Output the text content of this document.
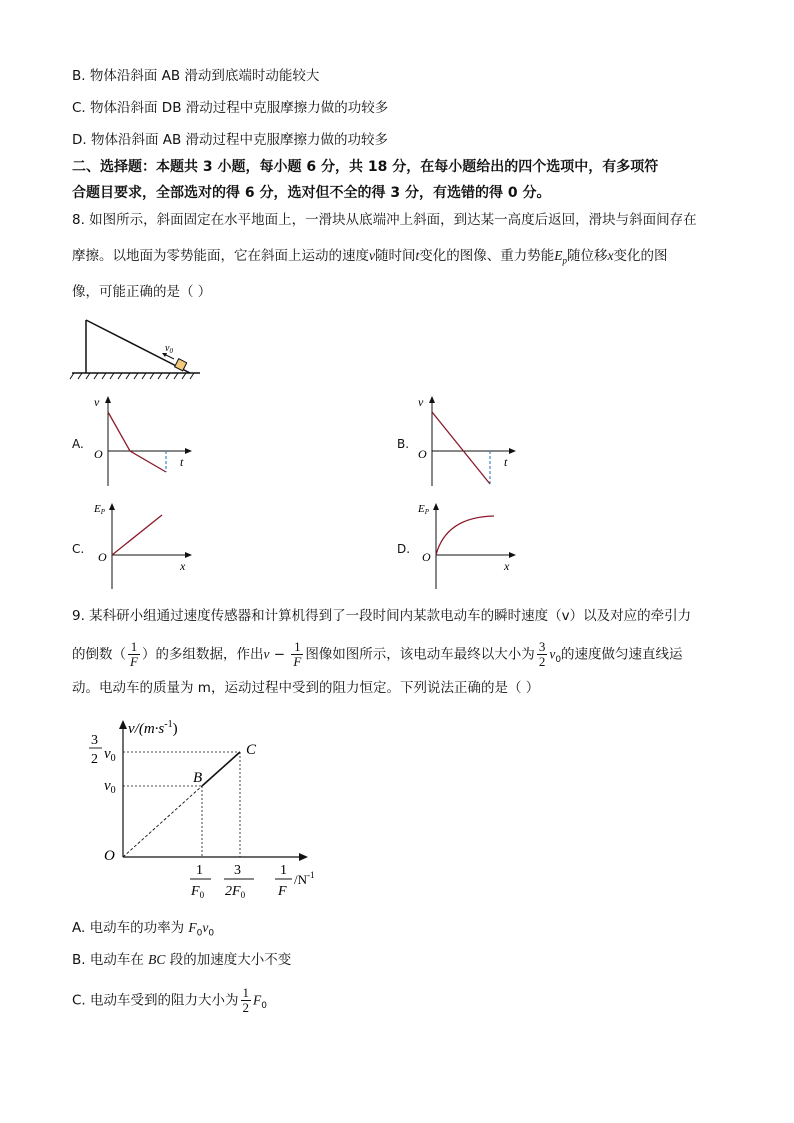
B. 物体沿斜面 AB 滑动到底端时动能较大
C. 物体沿斜面 DB 滑动过程中克服摩擦力做的功较多
D. 物体沿斜面 AB 滑动过程中克服摩擦力做的功较多
二、选择题：本题共 3 小题，每小题 6 分，共 18 分，在每小题给出的四个选项中，有多项符
合题目要求，全部选对的得 6 分，选对但不全的得 3 分，有选错的得 0 分。
8. 如图所示，斜面固定在水平地面上，一滑块从底端冲上斜面，到达某一高度后返回，滑块与斜面间存在
摩擦。以地面为零势能面，它在斜面上运动的速度v随时间t变化的图像、重力势能$E_p$随位移x变化的图
像，可能正确的是（ ）
$v_0$
A.
v
t
O
B.
v
t
O
C.
EP
x
O
D.
EP
x
O
9. 某科研小组通过速度传感器和计算机得到了一段时间内某款电动车的瞬时速度（v）以及对应的牵引力
的倒数（ $\frac{1}{F}$ ）的多组数据，作出$v - \frac{1}{F}$ 图像如图所示，该电动车最终以大小为 $\frac{3}{2} v_0$的速度做匀速直线运
动。电动车的质量为 m，运动过程中受到的阻力恒定。下列说法正确的是（ ）
$v/(m\cdot s^{-1})$
B
C
O
$v_0$
3
2 $v_0$
1
$F_0$
3
$2F_0$
1
F
$/N^{-1}$
A. 电动车的功率为 $F_0v_0$
B. 电动车在 BC 段的加速度大小不变
C. 电动车受到的阻力大小为 $\frac{1}{2} F_0$
